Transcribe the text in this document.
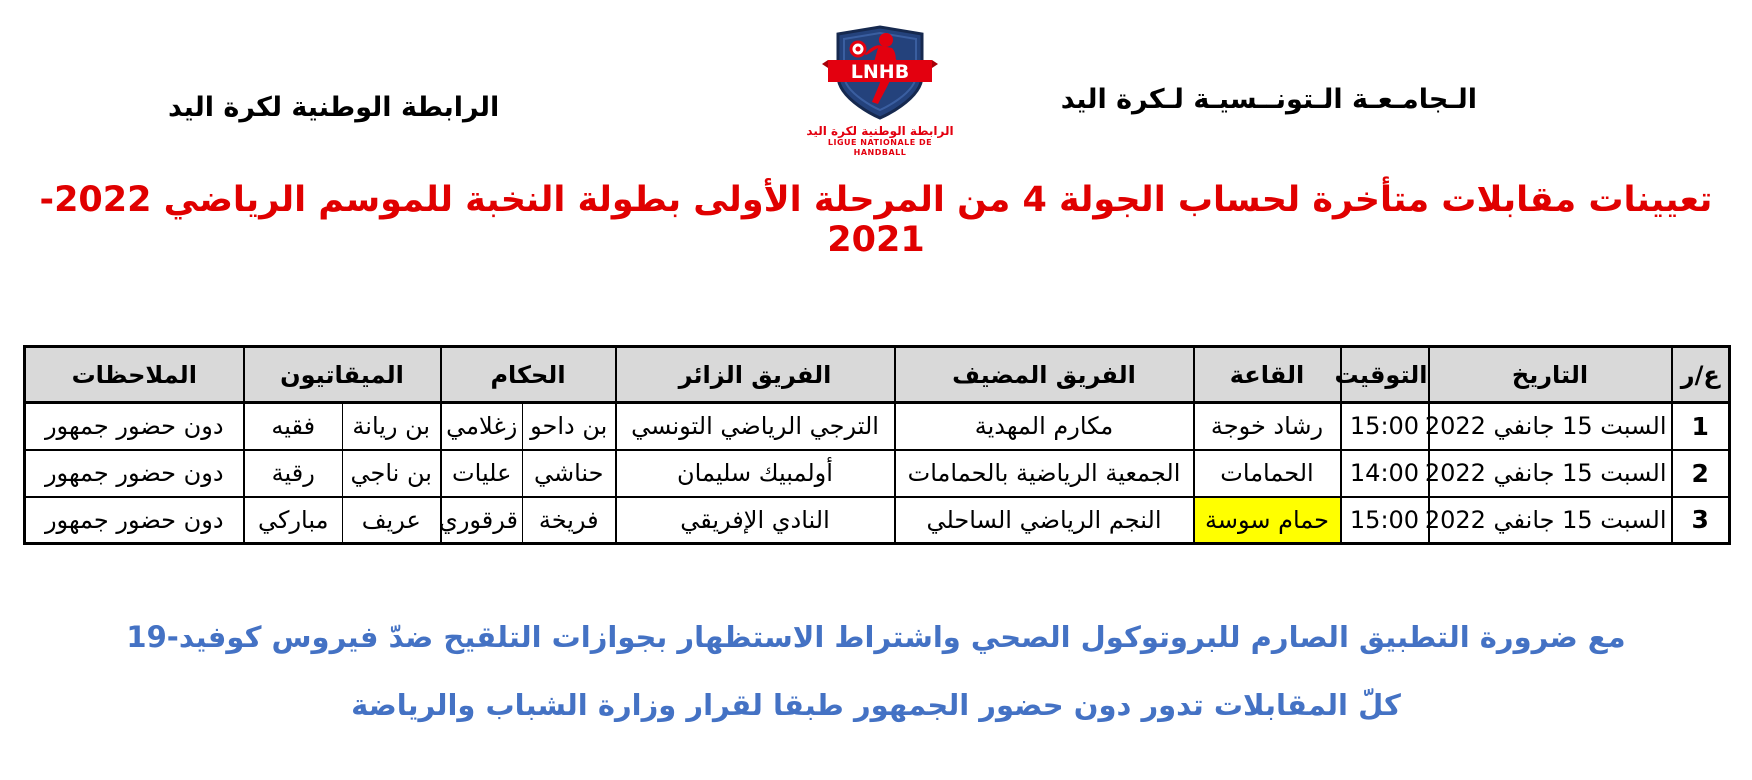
الـجامـعـة الـتونــسيـة لـكرة اليد
LNHB
الرابطة الوطنية لكرة اليد
LIGUE NATIONALE DE HANDBALL
الرابطة الوطنية لكرة اليد
تعيينات مقابلات متأخرة لحساب الجولة 4 من المرحلة الأولى بطولة النخبة للموسم الرياضي 2022-2021
ع/ر	التاريخ	التوقيت	القاعة	الفريق المضيف	الفريق الزائر	الحكام		الميقاتيون		الملاحظات
1	السبت 15 جانفي 2022	15:00	رشاد خوجة	مكارم المهدية	الترجي الرياضي التونسي	بن داحو	زغلامي	بن ريانة	فقيه	دون حضور جمهور
2	السبت 15 جانفي 2022	14:00	الحمامات	الجمعية الرياضية بالحمامات	أولمبيك سليمان	حناشي	عليات	بن ناجي	رقية	دون حضور جمهور
3	السبت 15 جانفي 2022	15:00	حمام سوسة	النجم الرياضي الساحلي	النادي الإفريقي	فريخة	قرقوري	عريف	مباركي	دون حضور جمهور
مع ضرورة التطبيق الصارم للبروتوكول الصحي واشتراط الاستظهار بجوازات التلقيح ضدّ فيروس كوفيد-19
كلّ المقابلات تدور دون حضور الجمهور طبقا لقرار وزارة الشباب والرياضة
